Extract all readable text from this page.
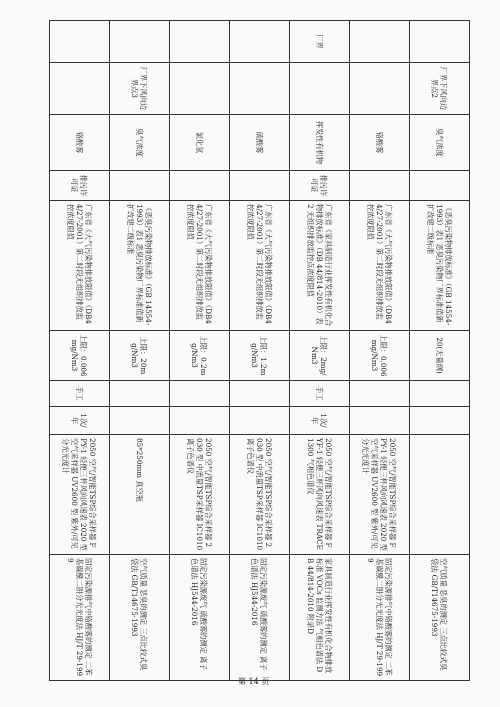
	厂界下风向边界点2	臭气浓度		《恶臭污染物排放标准》（GB 14554-1993）表1 恶臭污染物厂界标准值新扩改建二级标准	20(无量纲)				空气质量 恶臭的测定 三点比较式臭袋法 GB/T14675-1993
		铬酸雾		广东省《大气污染物排放限值》（DB44/27-2001）第二时段无组织排放监控浓度限值	上限：0.006mg/Nm3			2050 空气/智能TSP综合采样器 FPY-1 轻便三杯风向风速表 2020 型 空气采样器 UV2600 型 紫外/可见分光光度计	固定污染源排气中铬酸雾的测定 二苯基碳酰二肼分光光度法 HJ/T 29-1999
厂界		挥发性有机物	排污许可证	广东省《家具制造行业挥发性有机化合物排放标准》（DB 44/814-2010）表2 无组织排放监控点浓度限值	上限：2mg/Nm3	手工	1次/年	2050 空气/智能TSP综合采样器 FYF-1 轻便三杯风向风速表 TRACE1300 气相色谱仪	家具制造行业挥发性有机化合物排放标准 VOCs 监测方法 气相色谱法 DB 44/814-2010 附录D
		硫酸雾		广东省《大气污染物排放限值》（DB44/27-2001）第二时段无组织排放监控浓度限值	上限：1.2mg/Nm3			2050 空气/智能TSP综合采样器 2030 型 中流量TSP采样器 IC1010 离子色谱仪	固定污染源废气 硫酸雾的测定 离子色谱法 HJ544-2016
		氯化氢		广东省《大气污染物排放限值》（DB44/27-2001）第二时段无组织排放监控浓度限值	上限：0.2mg/Nm3			2050 空气/智能TSP综合采样器 2030 型 中流量TSP采样器 IC1010 离子色谱仪	固定污染源废气 硫酸雾的测定 离子色谱法 HJ544-2016
	厂界下风向边界点3	臭气浓度		《恶臭污染物排放标准》（GB 14554-1993）表1 恶臭污染物厂界标准值新扩改建二级标准	上限：20mg/Nm3			85*250mm 真空瓶	空气质量 恶臭的测定 三点比较式臭袋法 GB/T14675-1993
		铬酸雾	排污许可证	广东省《大气污染物排放限值》（DB44/27-2001）第二时段无组织排放监控浓度限值	上限：0.006mg/Nm3	手工	1次/年	2050 空气/智能TSP综合采样器 FPY-1 轻便三杯风向风速表 2020 型 空气采样器 UV2600 型 紫外/可见分光光度计	固定污染源排气中铬酸雾的测定 二苯基碳酰二肼分光光度法 HJ/T 29-1999
第 14 页
